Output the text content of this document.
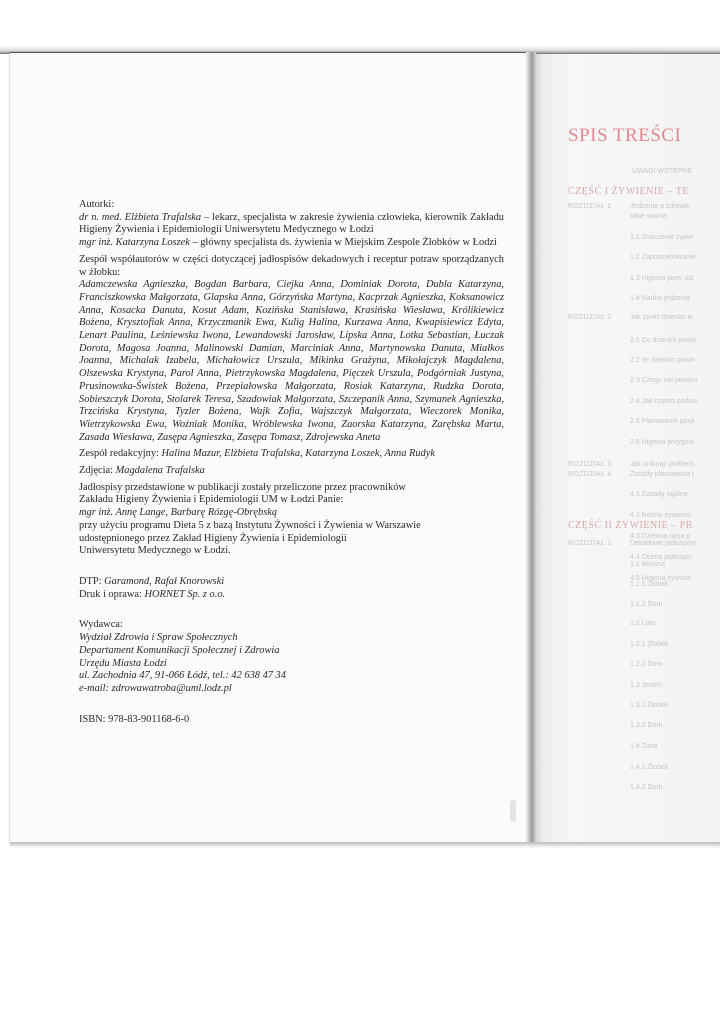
Autorki:
dr n. med. Elżbieta Trafalska – lekarz, specjalista w zakresie żywienia człowieka, kierownik Zakładu Higieny Żywienia i Epidemiologii Uniwersytetu Medycznego w Łodzi
mgr inż. Katarzyna Loszek – główny specjalista ds. żywienia w Miejskim Zespole Żłobków w Łodzi

Zespół współautorów w części dotyczącej jadłospisów dekadowych i receptur potraw sporządzanych w żłobku:
Adamczewska Agnieszka, Bogdan Barbara, Ciejka Anna, Dominiak Dorota, Dubla Katarzyna, Franciszkowska Małgorzata, Glapska Anna, Górzyńska Martyna, Kacprzak Agnieszka, Koksanowicz Anna, Kosacka Danuta, Kosut Adam, Kozińska Stanisława, Krasińska Wiesława, Królikiewicz Bożena, Krysztofiak Anna, Krzyczmanik Ewa, Kulig Halina, Kurzawa Anna, Kwapisiewicz Edyta, Lenart Paulina, Leśniewska Iwona, Lewandowski Jarosław, Lipska Anna, Lotka Sebastian, Łuczak Dorota, Magosa Joanna, Malinowski Damian, Marciniak Anna, Martynowska Danuta, Miałkos Joanna, Michalak Izabela, Michałowicz Urszula, Mikinka Grażyna, Mikołajczyk Magdalena, Olszewska Krystyna, Parol Anna, Pietrzykowska Magdalena, Pięczek Urszula, Podgórniak Justyna, Prusinowska-Świstek Bożena, Przepiałowska Małgorzata, Rosiak Katarzyna, Rudzka Dorota, Sobieszczyk Dorota, Stolarek Teresa, Szadowiak Małgorzata, Szczepanik Anna, Szymanek Agnieszka, Trzcińska Krystyna, Tyzler Bożena, Wajk Zofia, Wajszczyk Małgorzata, Wieczorek Monika, Wietrzykowska Ewa, Woźniak Monika, Wróblewska Iwona, Zaorska Katarzyna, Zarębska Marta, Zasada Wiesława, Zasępa Agnieszka, Zasępa Tomasz, Zdrojewska Aneta

Zespół redakcyjny: Halina Mazur, Elżbieta Trafalska, Katarzyna Loszek, Anna Rudyk

Zdjęcia: Magdalena Trafalska

Jadłospisy przedstawione w publikacji zostały przeliczone przez pracowników
Zakładu Higieny Żywienia i Epidemiologii UM w Łodzi Panie:
mgr inż. Annę Lange, Barbarę Rózgę-Obrębską
przy użyciu programu Dieta 5 z bazą Instytutu Żywności i Żywienia w Warszawie
udostępnionego przez Zakład Higieny Żywienia i Epidemiologii
Uniwersytetu Medycznego w Łodzi.

DTP: Garamond, Rafał Knorowski
Druk i oprawa: HORNET Sp. z o.o.

Wydawca:
Wydział Zdrowia i Spraw Społecznych
Departament Komunikacji Społecznej i Zdrowia
Urzędu Miasta Łodzi
ul. Zachodnia 47, 91-066 Łódź, tel.: 42 638 47 34
e-mail: zdrowawatroba@uml.lodz.pl

ISBN: 978-83-901168-6-0

SPIS TREŚCI
UWAGI WSTĘPNE
CZĘŚĆ I ŻYWIENIE – TE
CZĘŚĆ II ŻYWIENIE – PR
ROZDZIAŁ 1	Jedzenie a zdrowie
takie ważne
1.1 Znaczenie żywie
1.2 Zapotrzebowanie
1.3 Higiena jamy ust
1.4 Nauka jedzenia
ROZDZIAŁ 2	Jak żywić dziecko w
2.1 Co dziecko powin
2.2 Ile dziecko powin
2.3 Czego nie powinn
2.4 Jak często podaw
2.5 Planowanie posił
2.6 Higiena przygoto
ROZDZIAŁ 3	Jak uniknąć problem
ROZDZIAŁ 4	Zasady planowania j
4.1 Zasady ogólne
4.2 Normy żywienio
4.3 Dzienna racja p
4.4 Ocena jadłospis
4.5 Higiena żywnoś
ROZDZIAŁ 1	Dekadowe jadłospisy
1.1 Wiosna
1.1.1 Żłobek
1.1.2 Dom
1.2 Lato
1.2.1 Żłobek
1.2.2 Dom
1.3 Jesień
1.3.1 Żłobek
1.3.2 Dom
1.4 Zima
1.4.1 Żłobek
1.4.2 Dom
